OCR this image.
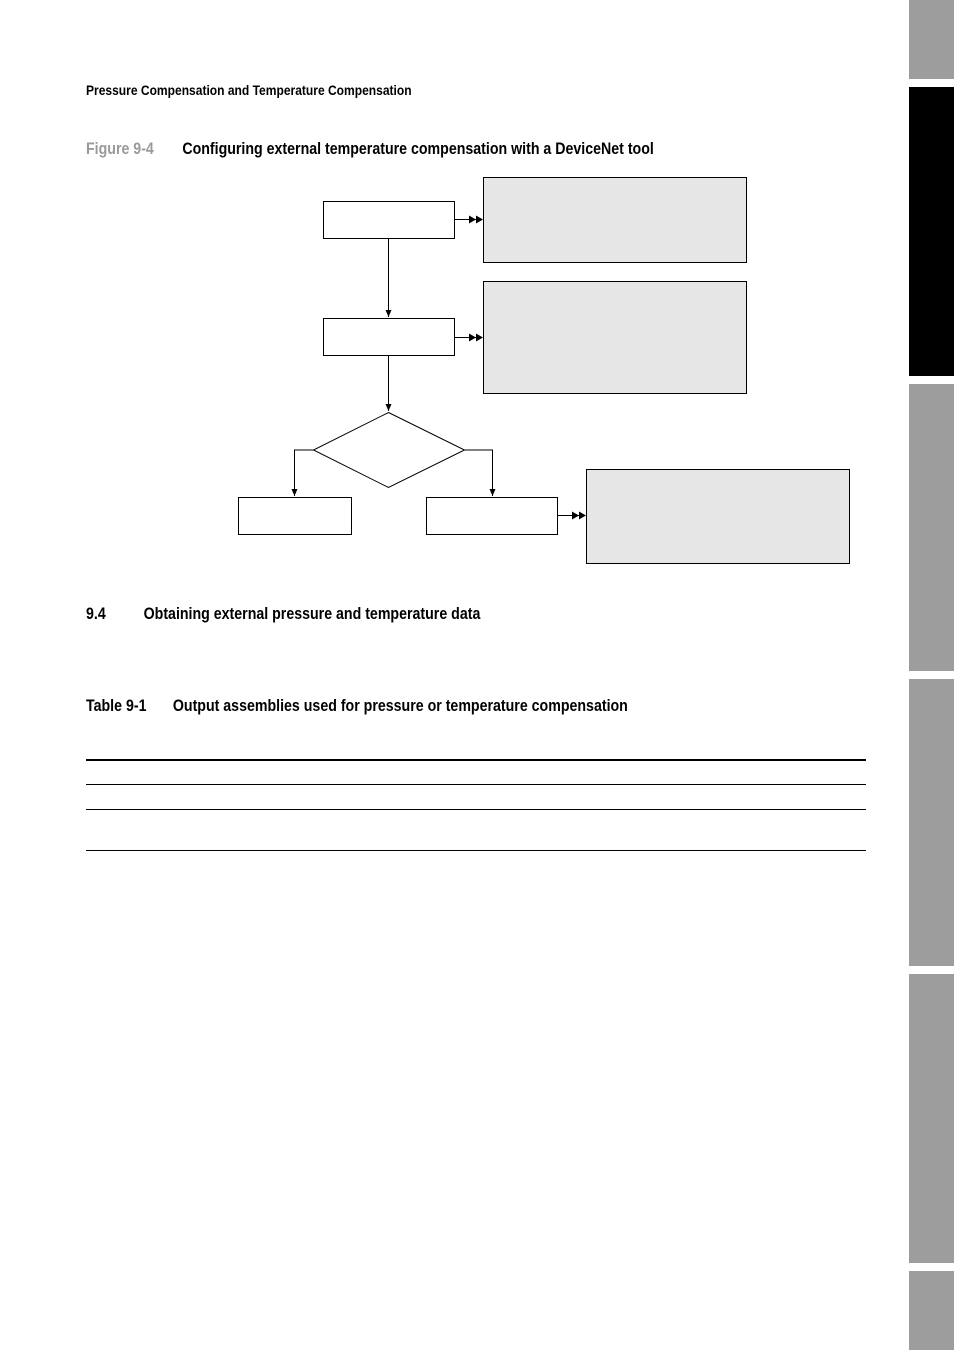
Pressure Compensation and Temperature Compensation
Figure 9-4 Configuring external temperature compensation with a DeviceNet tool
9.4 Obtaining external pressure and temperature data
Table 9-1 Output assemblies used for pressure or temperature compensation
